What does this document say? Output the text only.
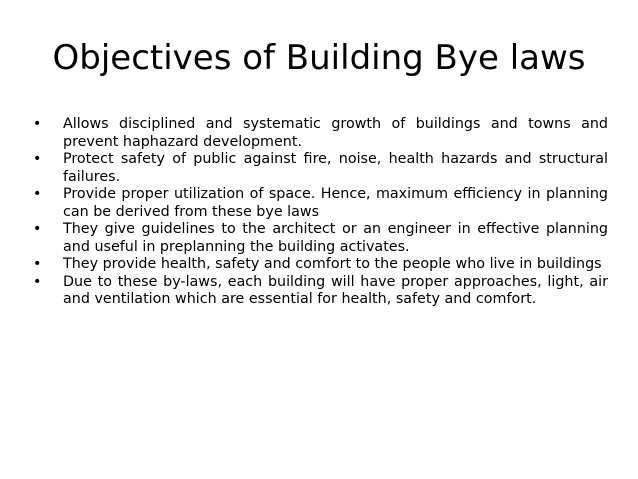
Objectives of Building Bye laws
• Allows disciplined and systematic growth of buildings and towns and prevent haphazard development.
• Protect safety of public against fire, noise, health hazards and structural failures.
• Provide proper utilization of space. Hence, maximum efficiency in planning can be derived from these bye laws
• They give guidelines to the architect or an engineer in effective planning and useful in preplanning the building activates.
• They provide health, safety and comfort to the people who live in buildings
• Due to these by-laws, each building will have proper approaches, light, air and ventilation which are essential for health, safety and comfort.
